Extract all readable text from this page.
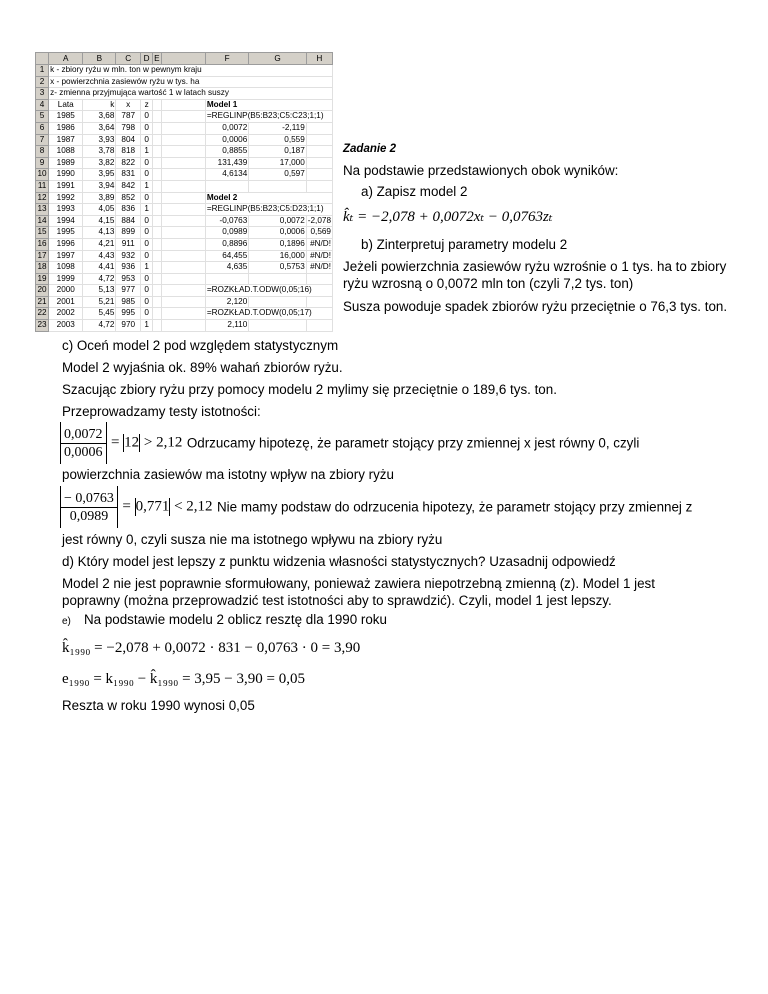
	A	B	C	D	E		F	G	H
1	k - zbiory ryżu w mln. ton w pewnym kraju								
2	x - powierzchnia zasiewów ryżu w tys. ha								
3	z- zmienna przyjmująca wartość 1 w latach suszy								
4	Lata	k	x	z			Model 1		
5	1985	3,68	787	0			=REGLINP(B5:B23;C5:C23;1;1)		
6	1986	3,64	798	0			0,0072	-2,119	
7	1987	3,93	804	0			0,0006	0,559	
8	1088	3,78	818	1			0,8855	0,187	
9	1989	3,82	822	0			131,439	17,000	
10	1990	3,95	831	0			4,6134	0,597	
11	1991	3,94	842	1					
12	1992	3,89	852	0			Model 2		
13	1993	4,05	836	1			=REGLINP(B5:B23;C5:D23;1;1)		
14	1994	4,15	884	0			-0,0763	0,0072	-2,078
15	1995	4,13	899	0			0,0989	0,0006	0,569
16	1996	4,21	911	0			0,8896	0,1896	#N/D!
17	1997	4,43	932	0			64,455	16,000	#N/D!
18	1098	4,41	936	1			4,635	0,5753	#N/D!
19	1999	4,72	953	0					
20	2000	5,13	977	0			=ROZKŁAD.T.ODW(0,05;16)		
21	2001	5,21	985	0			2,120		
22	2002	5,45	995	0			=ROZKŁAD.T.ODW(0,05;17)		
23	2003	4,72	970	1			2,110		
Zadanie 2
Na podstawie przedstawionych obok wyników:
a) Zapisz model 2
k̂ₜ = −2,078 + 0,0072xₜ − 0,0763zₜ
b) Zinterpretuj parametry modelu 2
Jeżeli powierzchnia zasiewów ryżu wzrośnie o 1 tys. ha to zbiory ryżu wzrosną o 0,0072 mln ton (czyli 7,2 tys. ton)
Susza powoduje spadek zbiorów ryżu przeciętnie o 76,3 tys. ton.
c) Oceń model 2 pod względem statystycznym
Model 2 wyjaśnia ok. 89% wahań zbiorów ryżu.
Szacując zbiory ryżu przy pomocy modelu 2 mylimy się przeciętnie o 189,6 tys. ton.
Przeprowadzamy testy istotności:
$\frac{0,0072}{0,0006} = 12 > 2,12$ Odrzucamy hipotezę, że parametr stojący przy zmiennej x jest równy 0, czyli
powierzchnia zasiewów ma istotny wpływ na zbiory ryżu
$\frac{- 0,0763}{0,0989} = 0,771 < 2,12$ Nie mamy podstaw do odrzucenia hipotezy, że parametr stojący przy zmiennej z
jest równy 0, czyli susza nie ma istotnego wpływu na zbiory ryżu
d) Który model jest lepszy z punktu widzenia własności statystycznych? Uzasadnij odpowiedź
Model 2 nie jest poprawnie sformułowany, ponieważ zawiera niepotrzebną zmienną (z). Model 1 jest poprawny (można przeprowadzić test istotności aby to sprawdzić). Czyli, model 1 jest lepszy.
e) Na podstawie modelu 2 oblicz resztę dla 1990 roku
k̂₁₉₉₀ = −2,078 + 0,0072 · 831 − 0,0763 · 0 = 3,90
e₁₉₉₀ = k₁₉₉₀ − k̂₁₉₉₀ = 3,95 − 3,90 = 0,05
Reszta w roku 1990 wynosi 0,05
